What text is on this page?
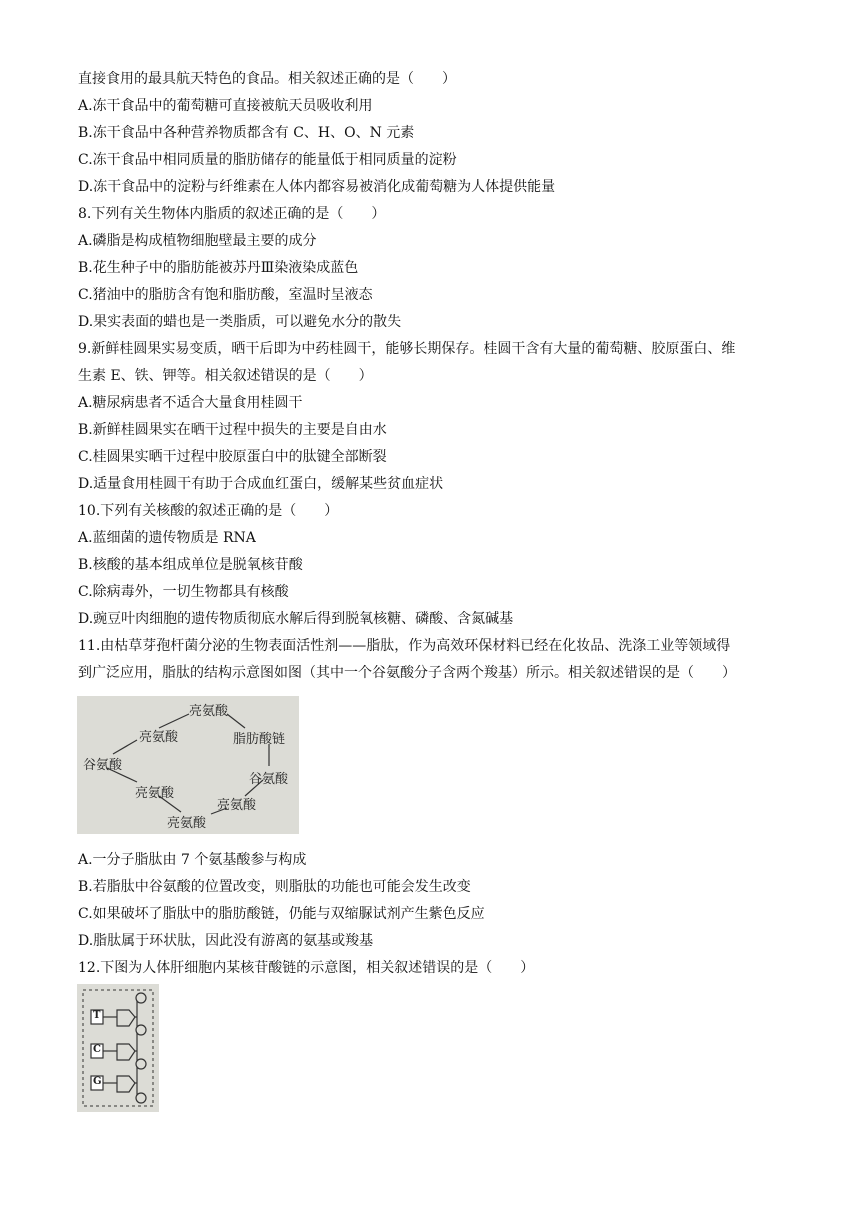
直接食用的最具航天特色的食品。相关叙述正确的是（　　）
A.冻干食品中的葡萄糖可直接被航天员吸收利用
B.冻干食品中各种营养物质都含有 C、H、O、N 元素
C.冻干食品中相同质量的脂肪储存的能量低于相同质量的淀粉
D.冻干食品中的淀粉与纤维素在人体内都容易被消化成葡萄糖为人体提供能量
8.下列有关生物体内脂质的叙述正确的是（　　）
A.磷脂是构成植物细胞壁最主要的成分
B.花生种子中的脂肪能被苏丹Ⅲ染液染成蓝色
C.猪油中的脂肪含有饱和脂肪酸，室温时呈液态
D.果实表面的蜡也是一类脂质，可以避免水分的散失
9.新鲜桂圆果实易变质，晒干后即为中药桂圆干，能够长期保存。桂圆干含有大量的葡萄糖、胶原蛋白、维
生素 E、铁、钾等。相关叙述错误的是（　　）
A.糖尿病患者不适合大量食用桂圆干
B.新鲜桂圆果实在晒干过程中损失的主要是自由水
C.桂圆果实晒干过程中胶原蛋白中的肽键全部断裂
D.适量食用桂圆干有助于合成血红蛋白，缓解某些贫血症状
10.下列有关核酸的叙述正确的是（　　）
A.蓝细菌的遗传物质是 RNA
B.核酸的基本组成单位是脱氧核苷酸
C.除病毒外，一切生物都具有核酸
D.豌豆叶肉细胞的遗传物质彻底水解后得到脱氧核糖、磷酸、含氮碱基
11.由枯草芽孢杆菌分泌的生物表面活性剂——脂肽，作为高效环保材料已经在化妆品、洗涤工业等领域得
到广泛应用，脂肽的结构示意图如图（其中一个谷氨酸分子含两个羧基）所示。相关叙述错误的是（　　）
亮氨酸
亮氨酸	脂肪酸链
谷氨酸
谷氨酸
亮氨酸
亮氨酸
亮氨酸
A.一分子脂肽由 7 个氨基酸参与构成
B.若脂肽中谷氨酸的位置改变，则脂肽的功能也可能会发生改变
C.如果破坏了脂肽中的脂肪酸链，仍能与双缩脲试剂产生紫色反应
D.脂肽属于环状肽，因此没有游离的氨基或羧基
12.下图为人体肝细胞内某核苷酸链的示意图，相关叙述错误的是（　　）
T
C
G
